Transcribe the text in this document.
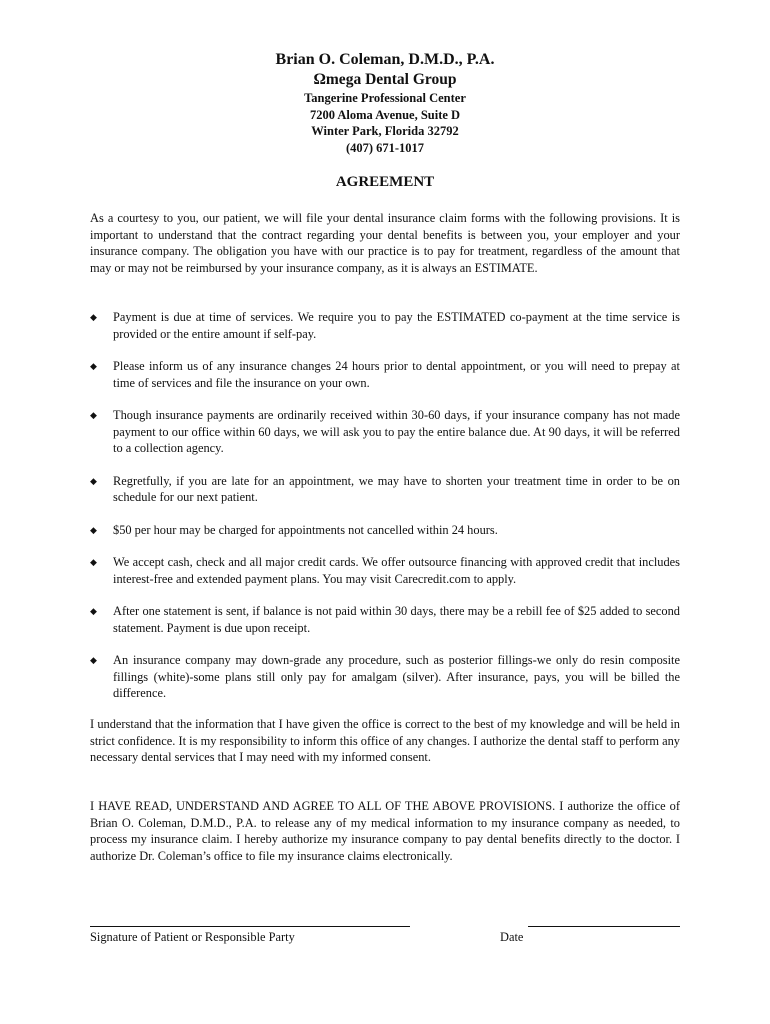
Brian O. Coleman, D.M.D., P.A.
Ωmega Dental Group
Tangerine Professional Center
7200 Aloma Avenue, Suite D
Winter Park, Florida 32792
(407) 671-1017
AGREEMENT
As a courtesy to you, our patient, we will file your dental insurance claim forms with the following provisions. It is important to understand that the contract regarding your dental benefits is between you, your employer and your insurance company. The obligation you have with our practice is to pay for treatment, regardless of the amount that may or may not be reimbursed by your insurance company, as it is always an ESTIMATE.
◆ Payment is due at time of services. We require you to pay the ESTIMATED co-payment at the time service is provided or the entire amount if self-pay.
◆ Please inform us of any insurance changes 24 hours prior to dental appointment, or you will need to prepay at time of services and file the insurance on your own.
◆ Though insurance payments are ordinarily received within 30-60 days, if your insurance company has not made payment to our office within 60 days, we will ask you to pay the entire balance due. At 90 days, it will be referred to a collection agency.
◆ Regretfully, if you are late for an appointment, we may have to shorten your treatment time in order to be on schedule for our next patient.
◆ $50 per hour may be charged for appointments not cancelled within 24 hours.
◆ We accept cash, check and all major credit cards. We offer outsource financing with approved credit that includes interest-free and extended payment plans. You may visit Carecredit.com to apply.
◆ After one statement is sent, if balance is not paid within 30 days, there may be a rebill fee of $25 added to second statement. Payment is due upon receipt.
◆ An insurance company may down-grade any procedure, such as posterior fillings-we only do resin composite fillings (white)-some plans still only pay for amalgam (silver). After insurance, pays, you will be billed the difference.
I understand that the information that I have given the office is correct to the best of my knowledge and will be held in strict confidence. It is my responsibility to inform this office of any changes. I authorize the dental staff to perform any necessary dental services that I may need with my informed consent.
I HAVE READ, UNDERSTAND AND AGREE TO ALL OF THE ABOVE PROVISIONS. I authorize the office of Brian O. Coleman, D.M.D., P.A. to release any of my medical information to my insurance company as needed, to process my insurance claim. I hereby authorize my insurance company to pay dental benefits directly to the doctor. I authorize Dr. Coleman’s office to file my insurance claims electronically.
Signature of Patient or Responsible Party	Date
